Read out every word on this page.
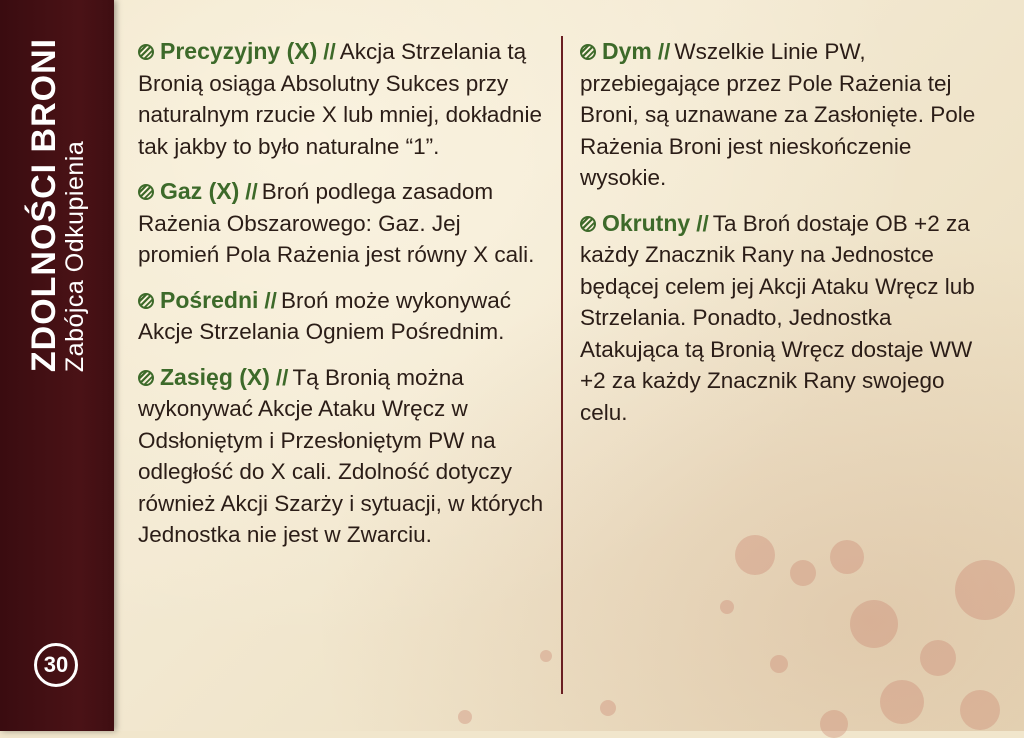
ZDOLNOŚCI BRONI
Zabójca Odkupienia
30

Precyzyjny (X) // Akcja Strzelania tą Bronią osiąga Absolutny Sukces przy naturalnym rzucie X lub mniej, dokładnie tak jakby to było naturalne “1”.

Gaz (X) // Broń podlega zasadom Rażenia Obszarowego: Gaz. Jej promień Pola Rażenia jest równy X cali.

Pośredni // Broń może wykonywać Akcje Strzelania Ogniem Pośrednim.

Zasięg (X) // Tą Bronią można wykonywać Akcje Ataku Wręcz w Odsłoniętym i Przesłoniętym PW na odległość do X cali. Zdolność dotyczy również Akcji Szarży i sytuacji, w których Jednostka nie jest w Zwarciu.

Dym // Wszelkie Linie PW, przebiegające przez Pole Rażenia tej Broni, są uznawane za Zasłonięte. Pole Rażenia Broni jest nieskończenie wysokie.

Okrutny // Ta Broń dostaje OB +2 za każdy Znacznik Rany na Jednostce będącej celem jej Akcji Ataku Wręcz lub Strzelania. Ponadto, Jednostka Atakująca tą Bronią Wręcz dostaje WW +2 za każdy Znacznik Rany swojego celu.
